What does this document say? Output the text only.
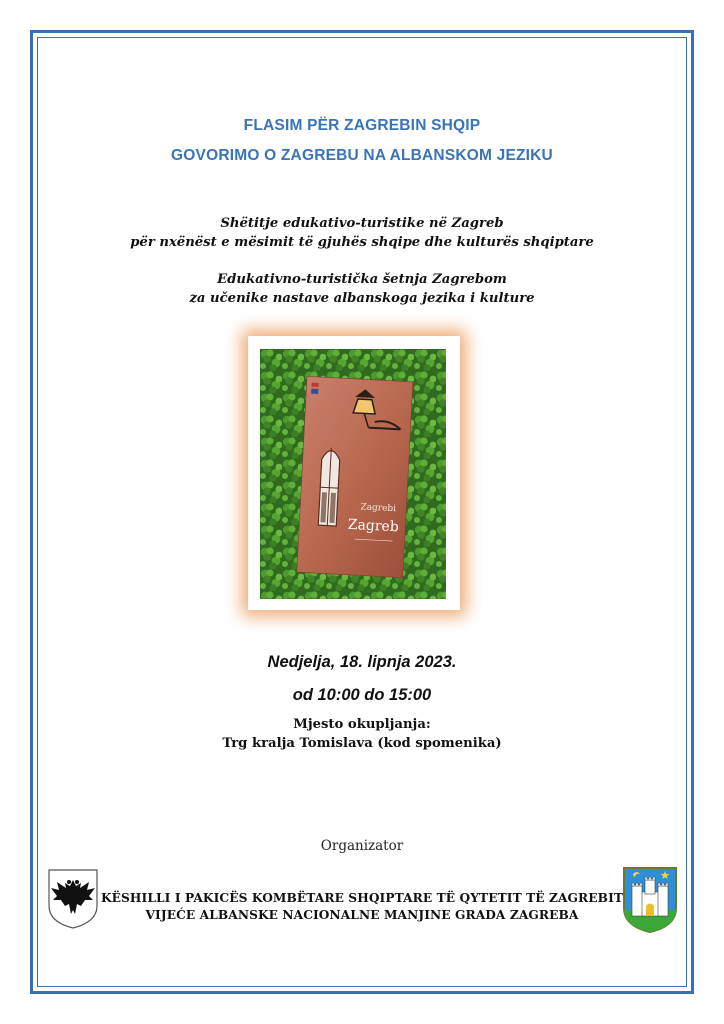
FLASIM PËR ZAGREBIN SHQIP
GOVORIMO O ZAGREBU NA ALBANSKOM JEZIKU
Shëtitje edukativo-turistike në Zagreb
për nxënëst e mësimit të gjuhës shqipe dhe kulturës shqiptare
Edukativno-turistička šetnja Zagrebom
za učenike nastave albanskoga jezika i kulture
Zagrebi
Zagreb
Nedjelja, 18. lipnja 2023.
od 10:00 do 15:00
Mjesto okupljanja:
Trg kralja Tomislava (kod spomenika)
Organizator
KËSHILLI I PAKICËS KOMBËTARE SHQIPTARE TË QYTETIT TË ZAGREBIT
VIJEĆE ALBANSKE NACIONALNE MANJINE GRADA ZAGREBA
